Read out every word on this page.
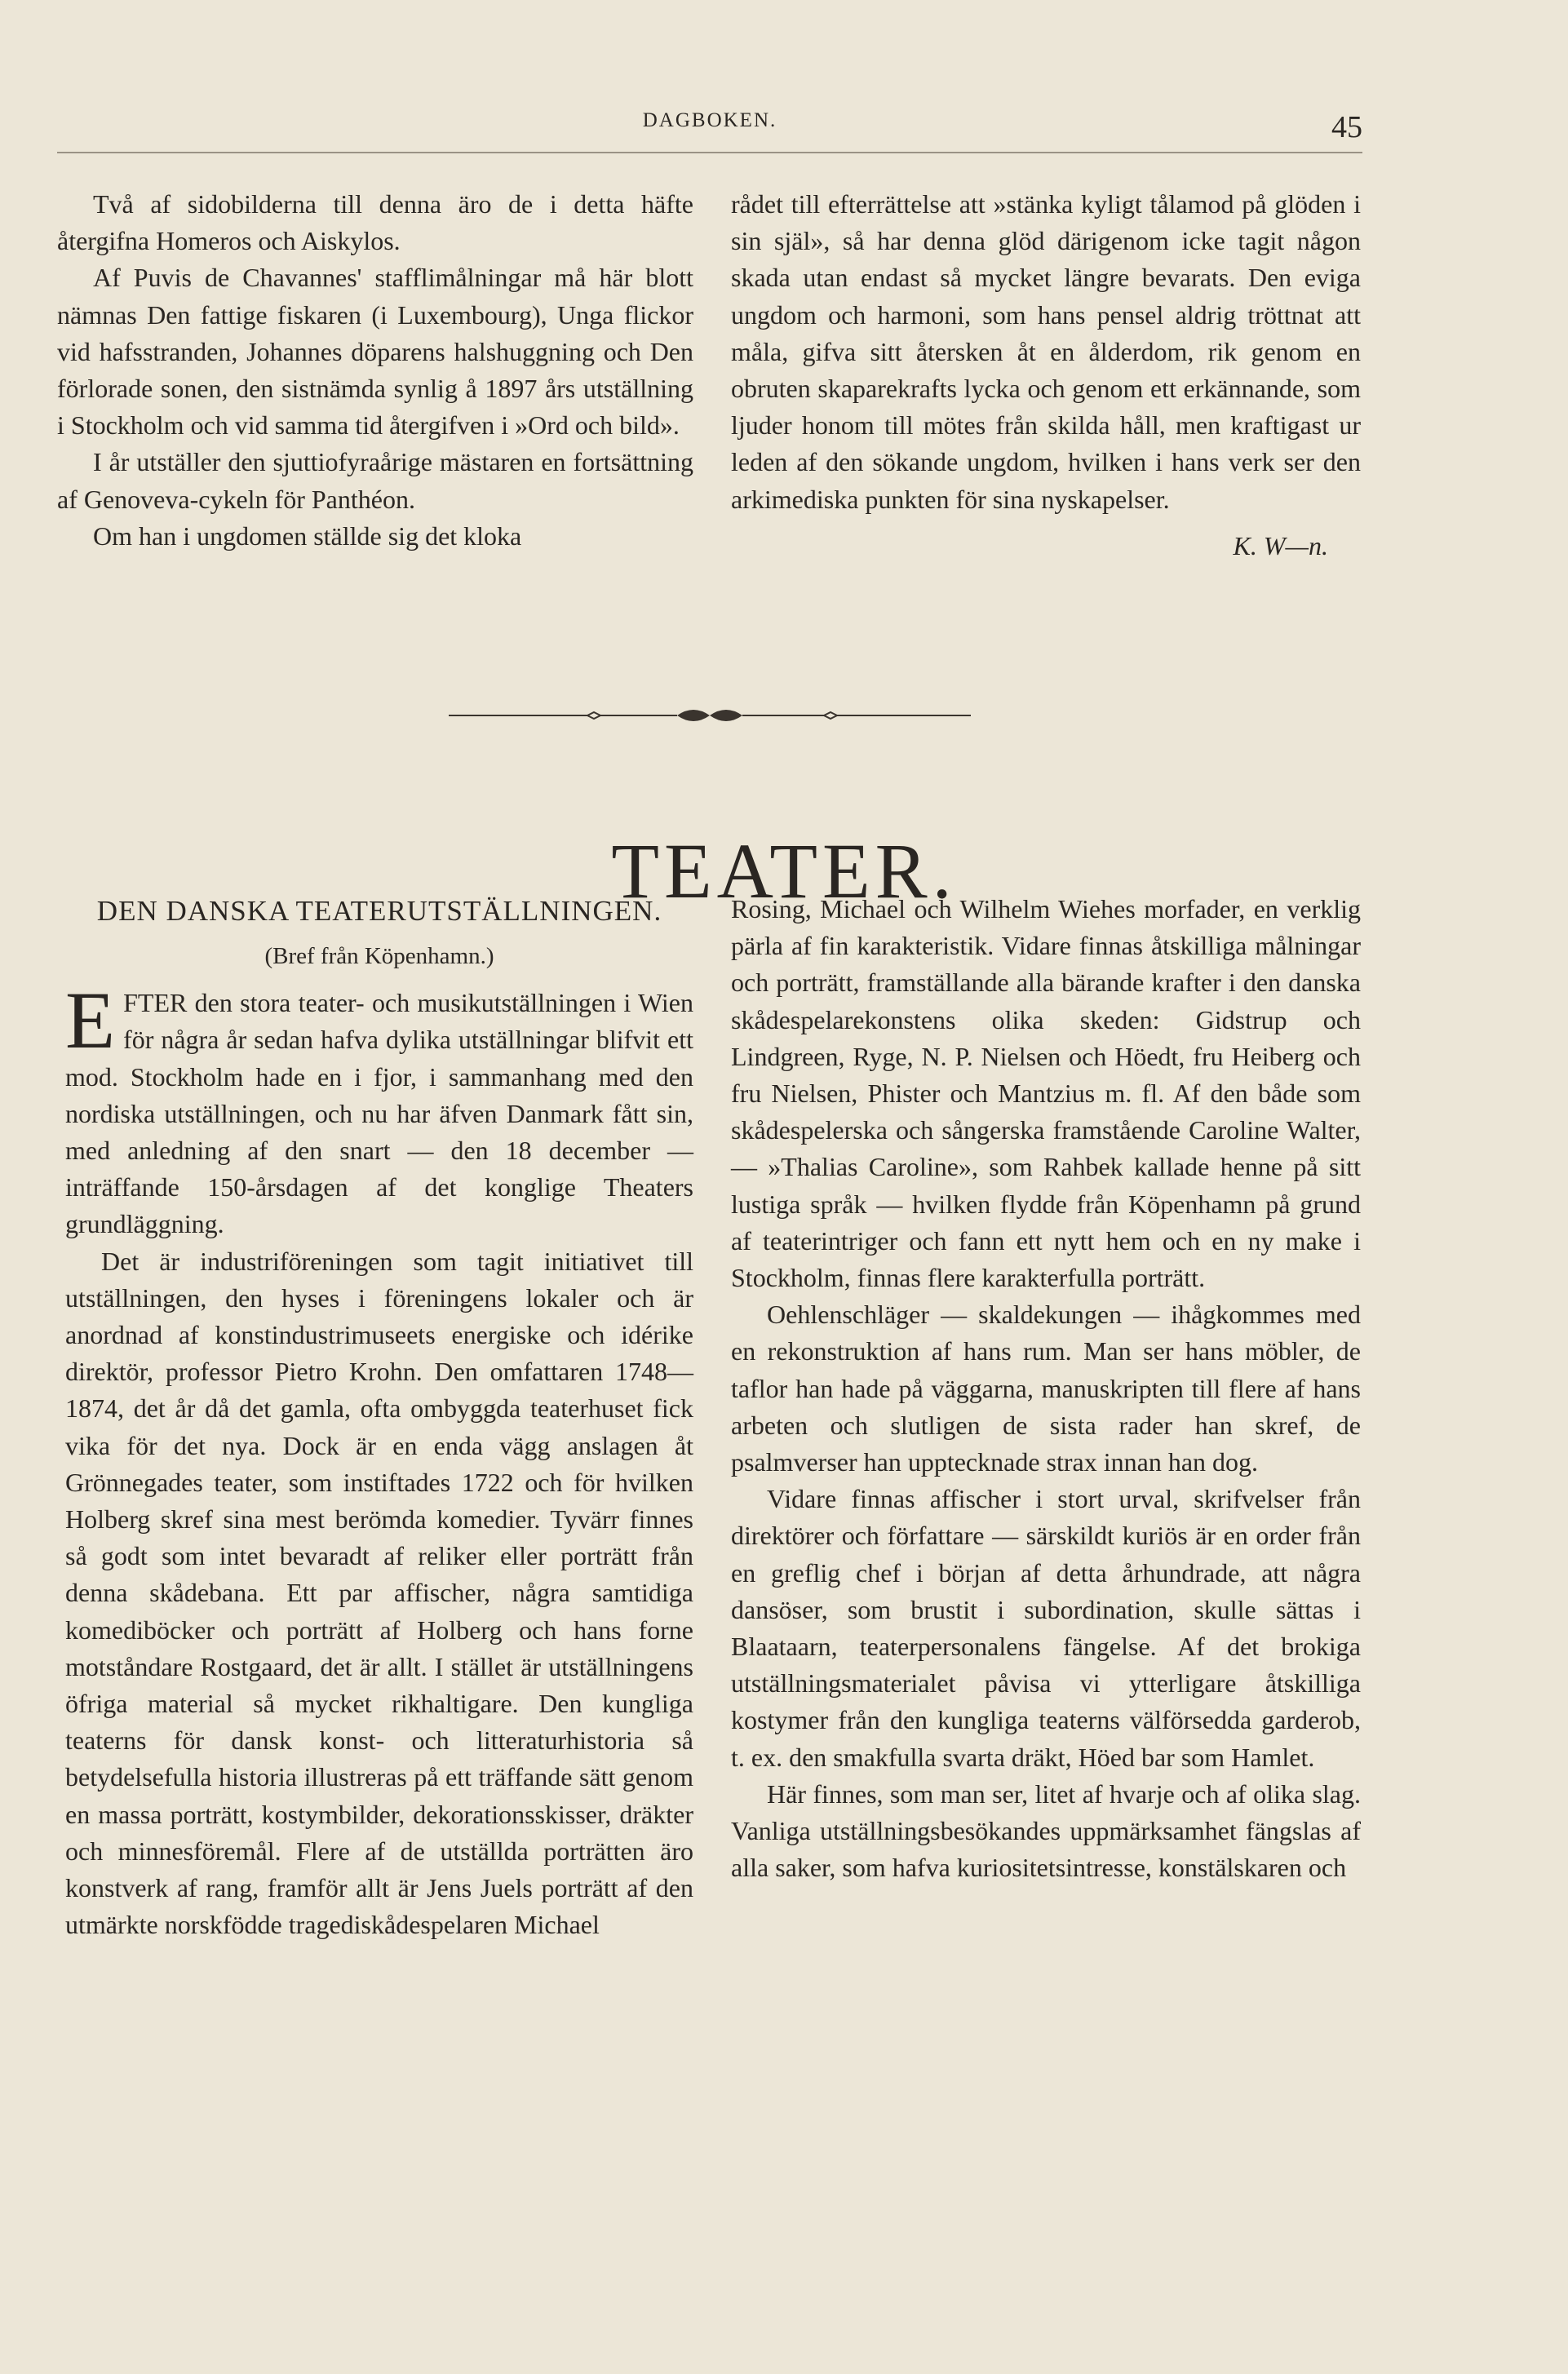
DAGBOKEN.	45

Två af sidobilderna till denna äro de i detta häfte återgifna Homeros och Aiskylos.

Af Puvis de Chavannes' stafflimålningar må här blott nämnas Den fattige fiskaren (i Luxembourg), Unga flickor vid hafsstranden, Johannes döparens halshuggning och Den förlorade sonen, den sistnämda synlig å 1897 års utställning i Stockholm och vid samma tid återgifven i »Ord och bild».

I år utställer den sjuttiofyraårige mästaren en fortsättning af Genoveva-cykeln för Panthéon.

Om han i ungdomen ställde sig det kloka

rådet till efterrättelse att »stänka kyligt tålamod på glöden i sin själ», så har denna glöd därigenom icke tagit någon skada utan endast så mycket längre bevarats. Den eviga ungdom och harmoni, som hans pensel aldrig tröttnat att måla, gifva sitt återsken åt en ålderdom, rik genom en obruten skaparekrafts lycka och genom ett erkännande, som ljuder honom till mötes från skilda håll, men kraftigast ur leden af den sökande ungdom, hvilken i hans verk ser den arkimediska punkten för sina nyskapelser.

K. W—n.
TEATER.
DEN DANSKA TEATERUTSTÄLLNINGEN.
(Bref från Köpenhamn.)

EFTER den stora teater- och musikutställningen i Wien för några år sedan hafva dylika utställningar blifvit ett mod. Stockholm hade en i fjor, i sammanhang med den nordiska utställningen, och nu har äfven Danmark fått sin, med anledning af den snart — den 18 december — inträffande 150-årsdagen af det konglige Theaters grundläggning.

Det är industriföreningen som tagit initiativet till utställningen, den hyses i föreningens lokaler och är anordnad af konstindustrimuseets energiske och idérike direktör, professor Pietro Krohn. Den omfattaren 1748—1874, det år då det gamla, ofta ombyggda teaterhuset fick vika för det nya. Dock är en enda vägg anslagen åt Grönnegades teater, som instiftades 1722 och för hvilken Holberg skref sina mest berömda komedier. Tyvärr finnes så godt som intet bevaradt af reliker eller porträtt från denna skådebana. Ett par affischer, några samtidiga komediböcker och porträtt af Holberg och hans forne motståndare Rostgaard, det är allt. I stället är utställningens öfriga material så mycket rikhaltigare. Den kungliga teaterns för dansk konst- och litteraturhistoria så betydelsefulla historia illustreras på ett träffande sätt genom en massa porträtt, kostymbilder, dekorationsskisser, dräkter och minnesföremål. Flere af de utställda porträtten äro konstverk af rang, framför allt är Jens Juels porträtt af den utmärkte norskfödde tragediskådespelaren Michael

Rosing, Michael och Wilhelm Wiehes morfader, en verklig pärla af fin karakteristik. Vidare finnas åtskilliga målningar och porträtt, framställande alla bärande krafter i den danska skådespelarekonstens olika skeden: Gidstrup och Lindgreen, Ryge, N. P. Nielsen och Höedt, fru Heiberg och fru Nielsen, Phister och Mantzius m. fl. Af den både som skådespelerska och sångerska framstående Caroline Walter, — »Thalias Caroline», som Rahbek kallade henne på sitt lustiga språk — hvilken flydde från Köpenhamn på grund af teaterintriger och fann ett nytt hem och en ny make i Stockholm, finnas flere karakterfulla porträtt.

Oehlenschläger — skaldekungen — ihågkommes med en rekonstruktion af hans rum. Man ser hans möbler, de taflor han hade på väggarna, manuskripten till flere af hans arbeten och slutligen de sista rader han skref, de psalmverser han upptecknade strax innan han dog.

Vidare finnas affischer i stort urval, skrifvelser från direktörer och författare — särskildt kuriös är en order från en greflig chef i början af detta århundrade, att några dansöser, som brustit i subordination, skulle sättas i Blaataarn, teaterpersonalens fängelse. Af det brokiga utställningsmaterialet påvisa vi ytterligare åtskilliga kostymer från den kungliga teaterns välförsedda garderob, t. ex. den smakfulla svarta dräkt, Höed bar som Hamlet.

Här finnes, som man ser, litet af hvarje och af olika slag. Vanliga utställningsbesökandes uppmärksamhet fängslas af alla saker, som hafva kuriositetsintresse, konstälskaren och
